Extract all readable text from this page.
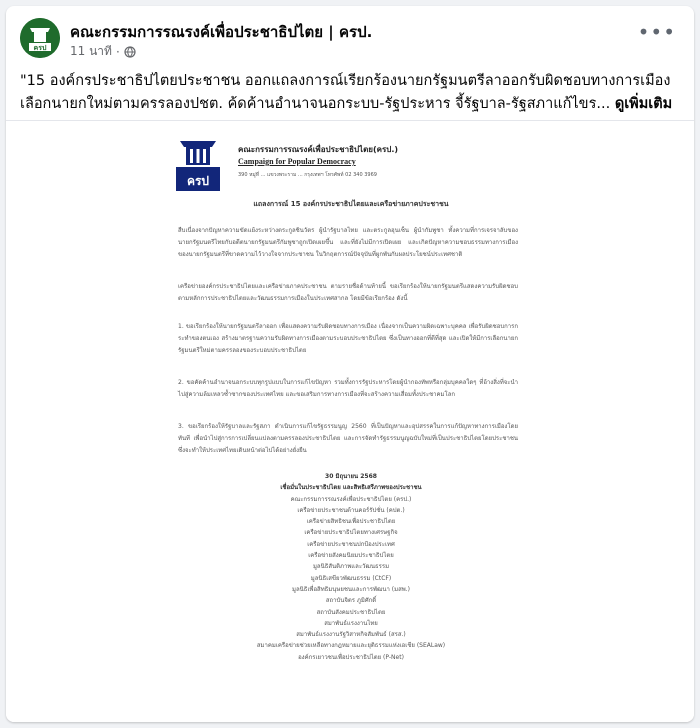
ครป
คณะกรรมการรณรงค์เพื่อประชาธิปไตย | ครป.
11 นาที ·
•••
"15 องค์กรประชาธิปไตยประชาชน ออกแถลงการณ์เรียกร้องนายกรัฐมนตรีลาออกรับผิดชอบทางการเมือง เลือกนายกใหม่ตามครรลองปชต. ค้ดค้านอำนาจนอกระบบ-รัฐประหาร จี้รัฐบาล-รัฐสภาแก้ไขร... ดูเพิ่มเติม
ครป
คณะกรรมการรณรงค์เพื่อประชาธิปไตย(ครป.)
Campaign for Popular Democracy
390 หมู่ที่ ... แขวงพระราม ... กรุงเทพฯ โทรศัพท์ 02 340 3969
แถลงการณ์ 15 องค์กรประชาธิปไตยและเครือข่ายภาคประชาชน
สืบเนื่องจากปัญหาความขัดแย้งระหว่างตระกูลชินวัตร ผู้นำรัฐบาลไทย และตระกูลฮุนเซ็น ผู้นำกัมพูชา ทั้งความที่การเจรจาลับของนายกรัฐมนตรีไทยกับอดีตนายกรัฐมนตรีกัมพูชาถูกเปิดเผยขึ้น และที่ยังไม่มีการเปิดเผย และเกิดปัญหาความชอบธรรมทางการเมืองของนายกรัฐมนตรีที่ขาดความไว้วางใจจากประชาชน ในวิกฤตการณ์ปัจจุบันที่ผูกพันกับผลประโยชน์ประเทศชาติ
เครือข่ายองค์กรประชาธิปไตยและเครือข่ายภาคประชาชน ตามรายชื่อด้านท้ายนี้ ขอเรียกร้องให้นายกรัฐมนตรีแสดงความรับผิดชอบตามหลักการประชาธิปไตยและวัฒนธรรมการเมืองในประเทศสากล โดยมีข้อเรียกร้อง ดังนี้
1. ขอเรียกร้องให้นายกรัฐมนตรีลาออก เพื่อแสดงความรับผิดชอบทางการเมือง เนื่องจากเป็นความผิดเฉพาะบุคคล เพื่อรับผิดชอบการกระทำของตนเอง สร้างมาตรฐานความรับผิดทางการเมืองตามระบอบประชาธิปไตย ซึ่งเป็นทางออกที่ดีที่สุด และเปิดให้มีการเลือกนายกรัฐมนตรีใหม่ตามครรลองของระบอบประชาธิปไตย
2. ขอคัดค้านอำนาจนอกระบบทุกรูปแบบในการแก้ไขปัญหา รวมทั้งการรัฐประหารโดยผู้นำกองทัพหรือกลุ่มบุคคลใดๆ ที่อ้างสิ่งที่จะนำไปสู่ความล้มเหลวซ้ำซากของประเทศไทย และขอเสริมการทางการเมืองที่จะสร้างความเสื่อมทั้งประชาคมโลก
3. ขอเรียกร้องให้รัฐบาลและรัฐสภา ดำเนินการแก้ไขรัฐธรรมนูญ 2560 ที่เป็นปัญหาและอุปสรรคในการแก้ปัญหาทางการเมืองโดยทันที เพื่อนำไปสู่การการเปลี่ยนแปลงตามครรลองประชาธิปไตย และการจัดทำรัฐธรรมนูญฉบับใหม่ที่เป็นประชาธิปไตยโดยประชาชน ซึ่งจะทำให้ประเทศไทยเดินหน้าต่อไปได้อย่างยั่งยืน
30 มิถุนายน 2568
เชื่อมั่นในประชาธิปไตย และสิทธิเสรีภาพของประชาชน
คณะกรรมการรณรงค์เพื่อประชาธิปไตย (ครป.)
เครือข่ายประชาชนต้านคอร์รัปชั่น (คปต.)
เครือข่ายสิทธิชนเพื่อประชาธิปไตย
เครือข่ายประชาธิปไตยทางเศรษฐกิจ
เครือข่ายประชาชนปกป้องประเทศ
เครือข่ายสังคมนิยมประชาธิปไตย
มูลนิธิสันติภาพและวัฒนธรรม
มูลนิธิเสขียวพัฒนธรรม (CtCF)
มูลนิธิเพื่อสิทธิมนุษยชนและการพัฒนา (มสพ.)
สถาบันจิตร ภูมิศักดิ์
สถาบันสังคมประชาธิปไตย
สมาพันธ์แรงงานไทย
สมาพันธ์แรงงานรัฐวิสาหกิจสัมพันธ์ (สรส.)
สมาคมเครือข่ายช่วยเหลือทางกฎหมายและยุติธรรมแห่งเอเชีย (SEALaw)
องค์กรเยาวชนเพื่อประชาธิปไตย (P-Net)
